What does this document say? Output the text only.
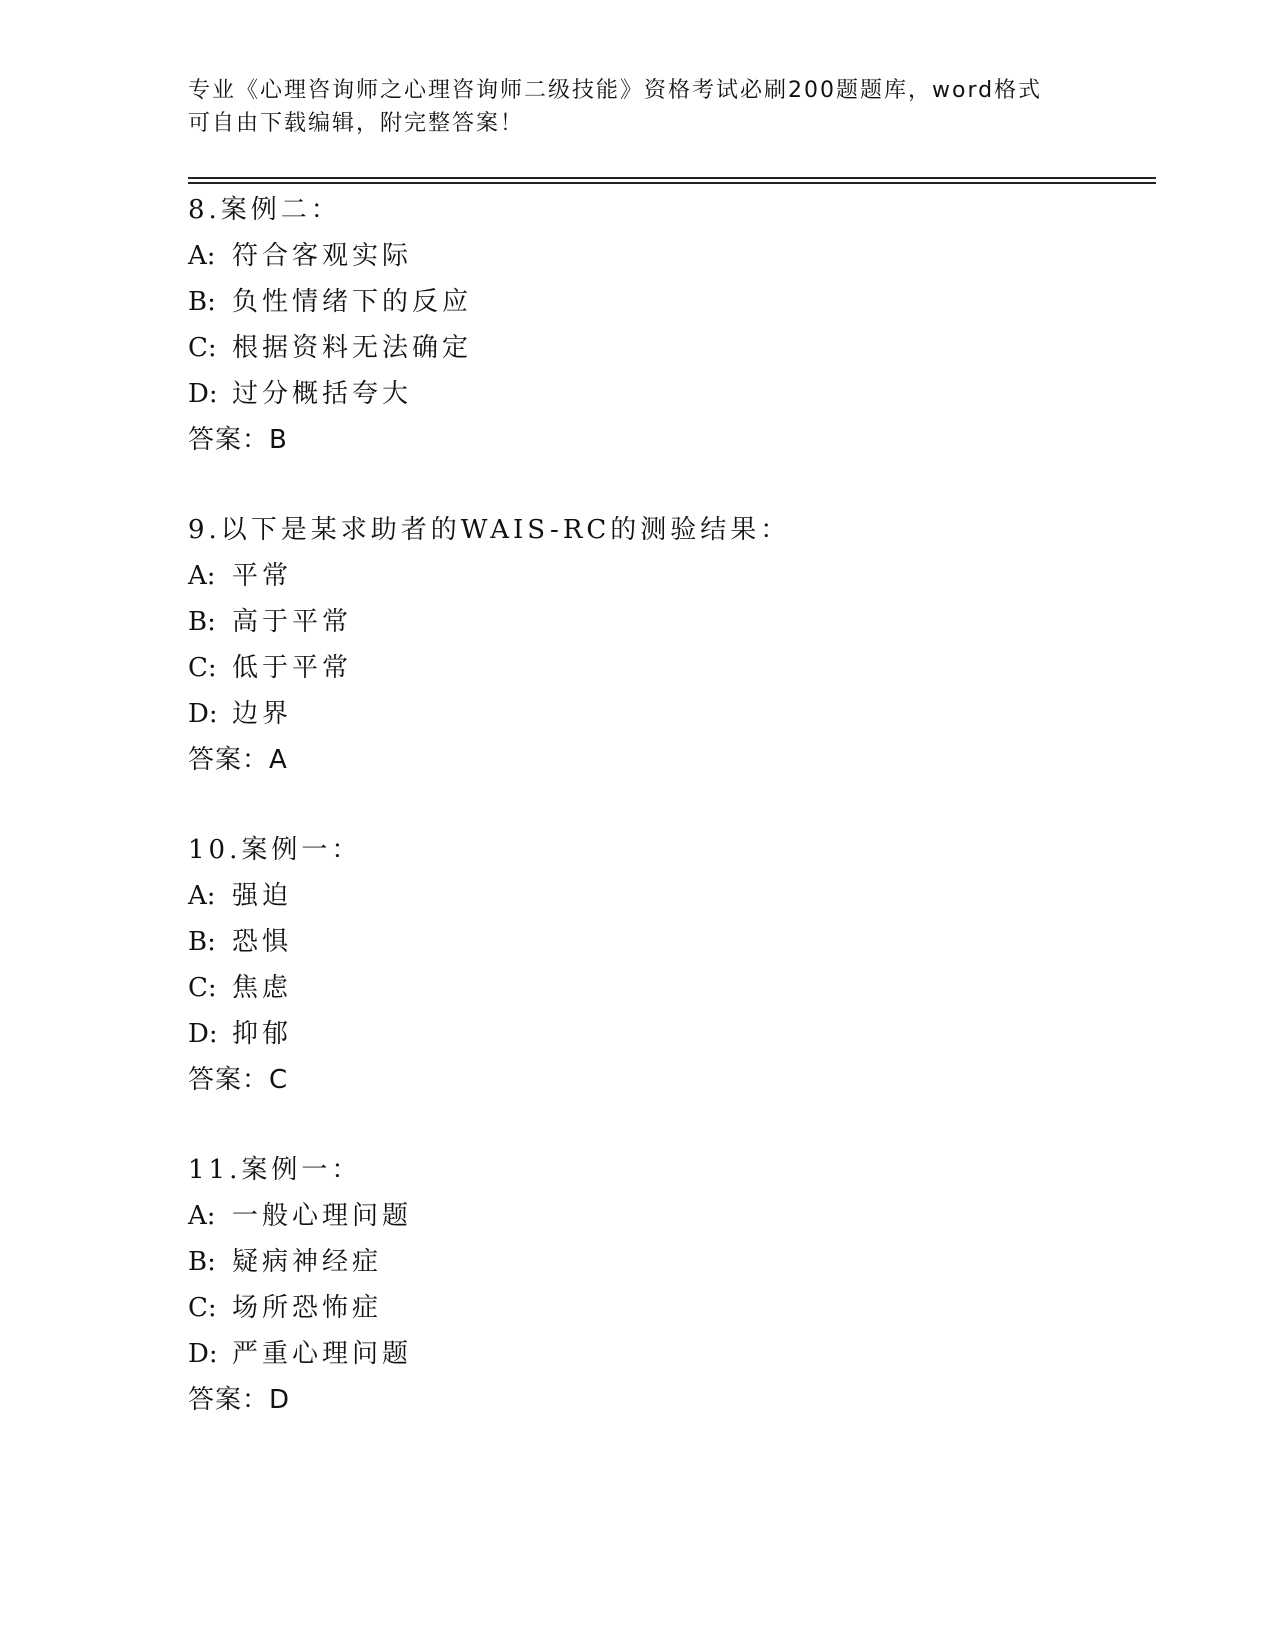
专业《心理咨询师之心理咨询师二级技能》资格考试必刷200题题库，word格式
可自由下载编辑，附完整答案！
8.案例二：
A: 符合客观实际
B: 负性情绪下的反应
C: 根据资料无法确定
D: 过分概括夸大
答案：B
9.以下是某求助者的WAIS-RC的测验结果：
A: 平常
B: 高于平常
C: 低于平常
D: 边界
答案：A
10.案例一：
A: 强迫
B: 恐惧
C: 焦虑
D: 抑郁
答案：C
11.案例一：
A: 一般心理问题
B: 疑病神经症
C: 场所恐怖症
D: 严重心理问题
答案：D
